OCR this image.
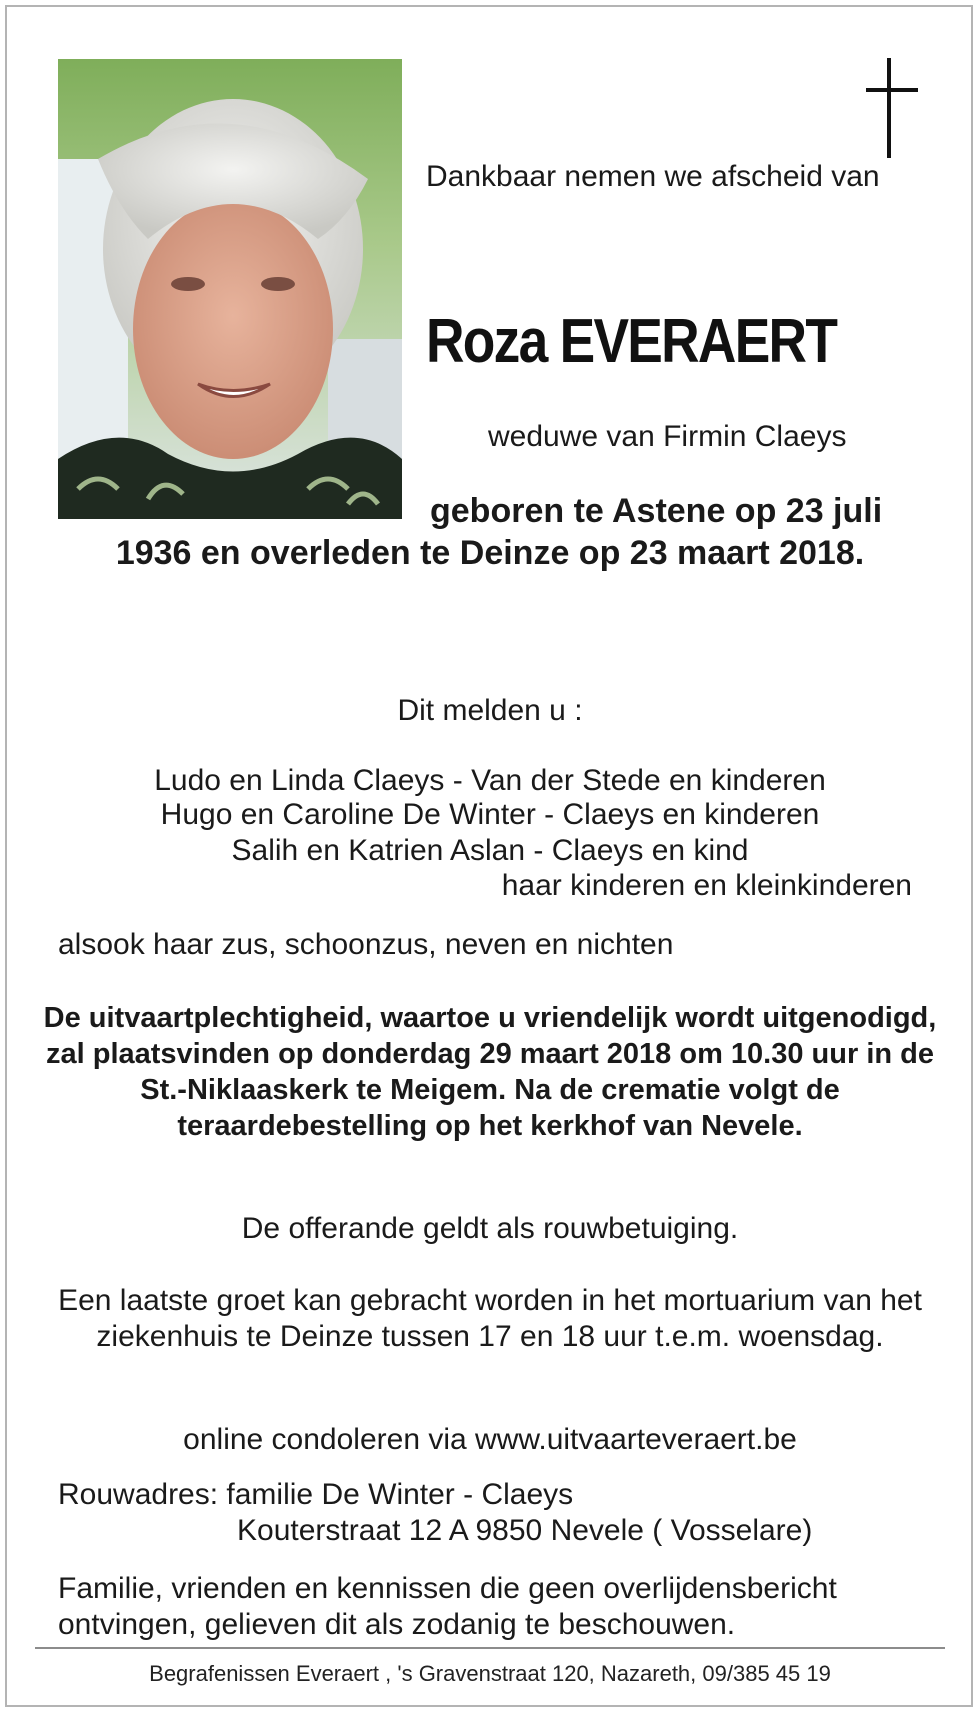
Dankbaar nemen we afscheid van
Roza EVERAERT
weduwe van Firmin Claeys
geboren te Astene op 23 juli
1936 en overleden te Deinze op 23 maart 2018.
Dit melden u :
Ludo en Linda Claeys - Van der Stede en kinderen
Hugo en Caroline De Winter - Claeys en kinderen
Salih en Katrien Aslan - Claeys en kind
haar kinderen en kleinkinderen
alsook haar zus, schoonzus, neven en nichten
De uitvaartplechtigheid, waartoe u vriendelijk wordt uitgenodigd, zal plaatsvinden op donderdag 29 maart 2018 om 10.30 uur in de St.-Niklaaskerk te Meigem. Na de crematie volgt de teraardebestelling op het kerkhof van Nevele.
De offerande geldt als rouwbetuiging.
Een laatste groet kan gebracht worden in het mortuarium van het ziekenhuis te Deinze tussen 17 en 18 uur t.e.m. woensdag.
online condoleren via www.uitvaarteveraert.be
Rouwadres: familie De Winter - Claeys
Kouterstraat 12 A 9850 Nevele ( Vosselare)
Familie, vrienden en kennissen die geen overlijdensbericht ontvingen, gelieven dit als zodanig te beschouwen.
Begrafenissen Everaert , 's Gravenstraat 120, Nazareth, 09/385 45 19
